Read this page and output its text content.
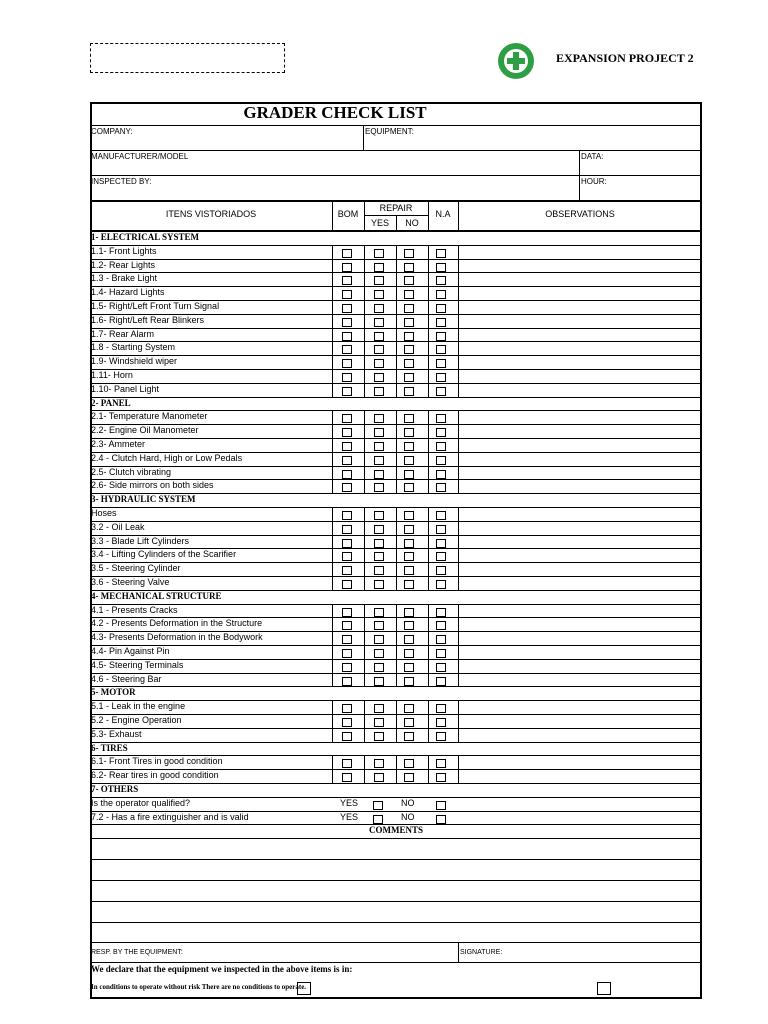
EXPANSION PROJECT 2
GRADER CHECK LIST
COMPANY:	EQUIPMENT:
MANUFACTURER/MODEL	DATA:
INSPECTED BY:	HOUR:
ITENS VISTORIADOS	BOM
REPAIR
YES	NO
N.A	OBSERVATIONS
1- ELECTRICAL SYSTEM
1.1- Front Lights
1.2- Rear Lights
1.3 - Brake Light
1.4- Hazard Lights
1.5- Right/Left Front Turn Signal
1.6- Right/Left Rear Blinkers
1.7- Rear Alarm
1.8 - Starting System
1.9- Windshield wiper
1.11- Horn
1.10- Panel Light
2- PANEL
2.1- Temperature Manometer
2.2- Engine Oil Manometer
2.3- Ammeter
2.4 - Clutch Hard, High or Low Pedals
2.5- Clutch vibrating
2.6- Side mirrors on both sides
3- HYDRAULIC SYSTEM
Hoses
3.2 - Oil Leak
3.3 - Blade Lift Cylinders
3.4 - Lifting Cylinders of the Scarifier
3.5 - Steering Cylinder
3.6 - Steering Valve
4- MECHANICAL STRUCTURE
4.1 - Presents Cracks
4.2 - Presents Deformation in the Structure
4.3- Presents Deformation in the Bodywork
4.4- Pin Against Pin
4.5- Steering Terminals
4.6 - Steering Bar
5- MOTOR
5.1 - Leak in the engine
5.2 - Engine Operation
5.3- Exhaust
6- TIRES
6.1- Front Tires in good condition
6.2- Rear tires in good condition
7- OTHERS
Is the operator qualified?	YES	NO
7.2 - Has a fire extinguisher and is valid	YES	NO
COMMENTS
RESP. BY THE EQUIPMENT:	SIGNATURE:
We declare that the equipment we inspected in the above items is in:
In conditions to operate without risk There are no conditions to operate.
